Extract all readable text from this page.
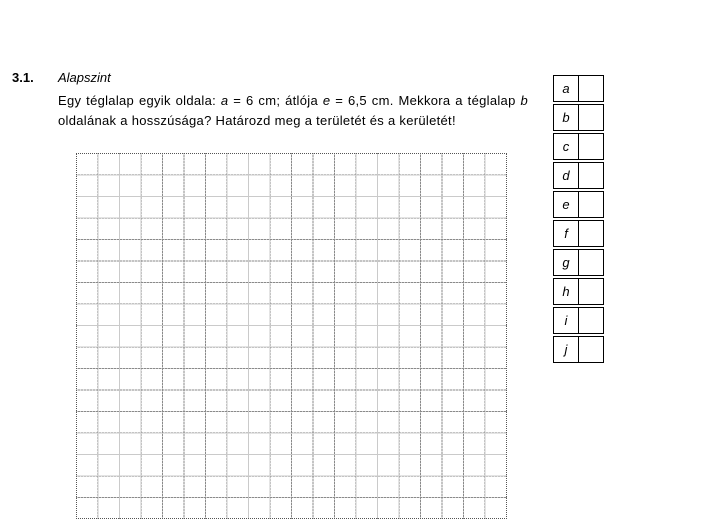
3.1. Alapszint
Egy téglalap egyik oldala: a = 6 cm; átlója e = 6,5 cm. Mekkora a téglalap b oldalának a hosszúsága? Határozd meg a területét és a kerületét!
a	

b	

c	

d	

e	

f	

g	

h	

i	

j	
